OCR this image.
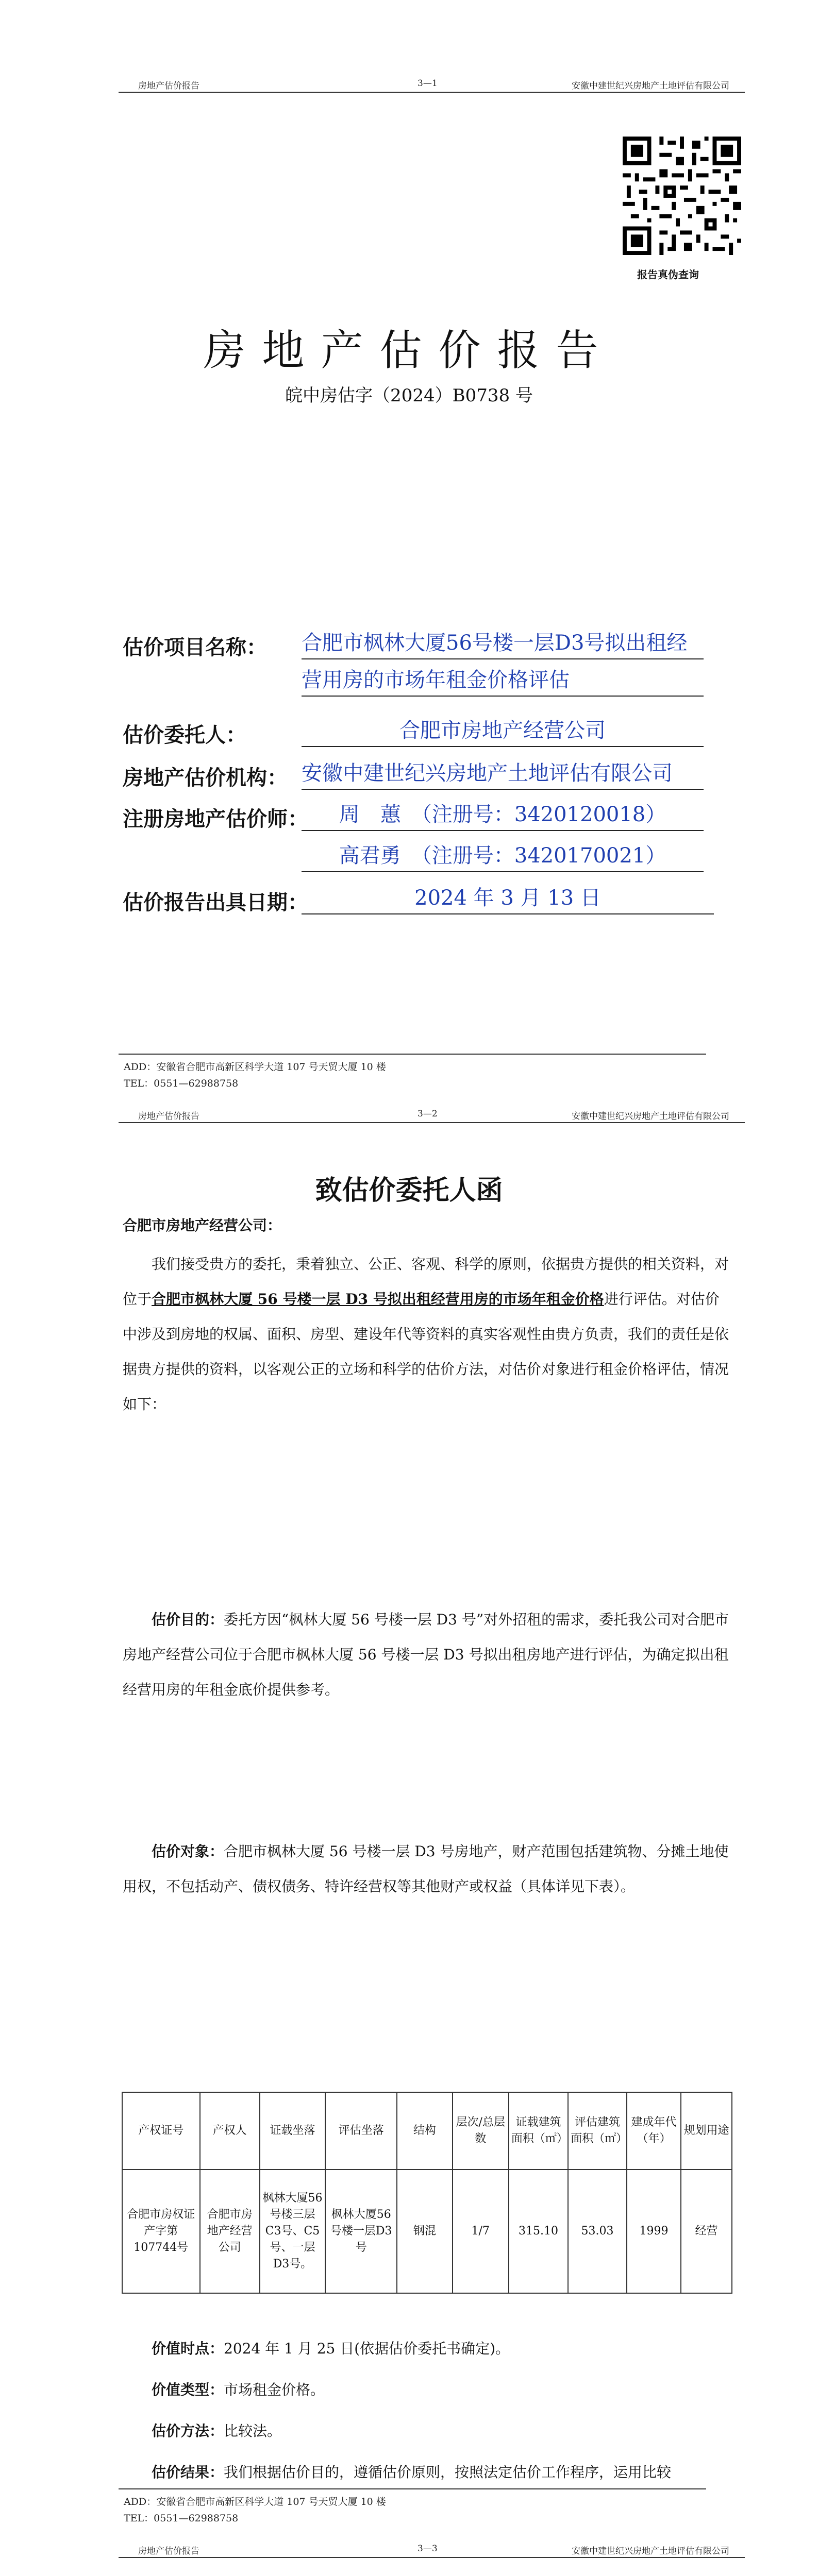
房地产估价报告	3—1	安徽中建世纪兴房地产土地评估有限公司
报告真伪查询
房地产估价报告
皖中房估字（2024）B0738 号
估价项目名称： 合肥市枫林大厦56号楼一层D3号拟出租经
营用房的市场年租金价格评估
估价委托人：	合肥市房地产经营公司
房地产估价机构： 安徽中建世纪兴房地产土地评估有限公司
注册房地产估价师：	周　蕙　（注册号：3420120018）
高君勇　（注册号：3420170021）
估价报告出具日期：	2024 年 3 月 13 日
ADD：安徽省合肥市高新区科学大道 107 号天贸大厦 10 楼
TEL：0551—62988758
房地产估价报告	3—2	安徽中建世纪兴房地产土地评估有限公司
致估价委托人函
合肥市房地产经营公司：
我们接受贵方的委托，秉着独立、公正、客观、科学的原则，依据贵方提供的相关资料，对位于合肥市枫林大厦 56 号楼一层 D3 号拟出租经营用房的市场年租金价格进行评估。对估价中涉及到房地的权属、面积、房型、建设年代等资料的真实客观性由贵方负责，我们的责任是依据贵方提供的资料，以客观公正的立场和科学的估价方法，对估价对象进行租金价格评估，情况如下：
估价目的：委托方因“枫林大厦 56 号楼一层 D3 号”对外招租的需求，委托我公司对合肥市房地产经营公司位于合肥市枫林大厦 56 号楼一层 D3 号拟出租房地产进行评估，为确定拟出租经营用房的年租金底价提供参考。
估价对象：合肥市枫林大厦 56 号楼一层 D3 号房地产，财产范围包括建筑物、分摊土地使用权，不包括动产、债权债务、特许经营权等其他财产或权益（具体详见下表）。
产权证号	产权人	证载坐落	评估坐落	结构	层次/总层数	证载建筑面积（㎡）	评估建筑面积（㎡）	建成年代（年）	规划用途
合肥市房权证产字第107744号	合肥市房地产经营公司	枫林大厦56号楼三层C3号、C5号、一层D3号。	枫林大厦56号楼一层D3号	钢混	1/7	315.10	53.03	1999	经营
价值时点：2024 年 1 月 25 日(依据估价委托书确定)。
价值类型：市场租金价格。
估价方法：比较法。
估价结果：我们根据估价目的，遵循估价原则，按照法定估价工作程序，运用比较
ADD：安徽省合肥市高新区科学大道 107 号天贸大厦 10 楼
TEL：0551—62988758
房地产估价报告	3—3	安徽中建世纪兴房地产土地评估有限公司
